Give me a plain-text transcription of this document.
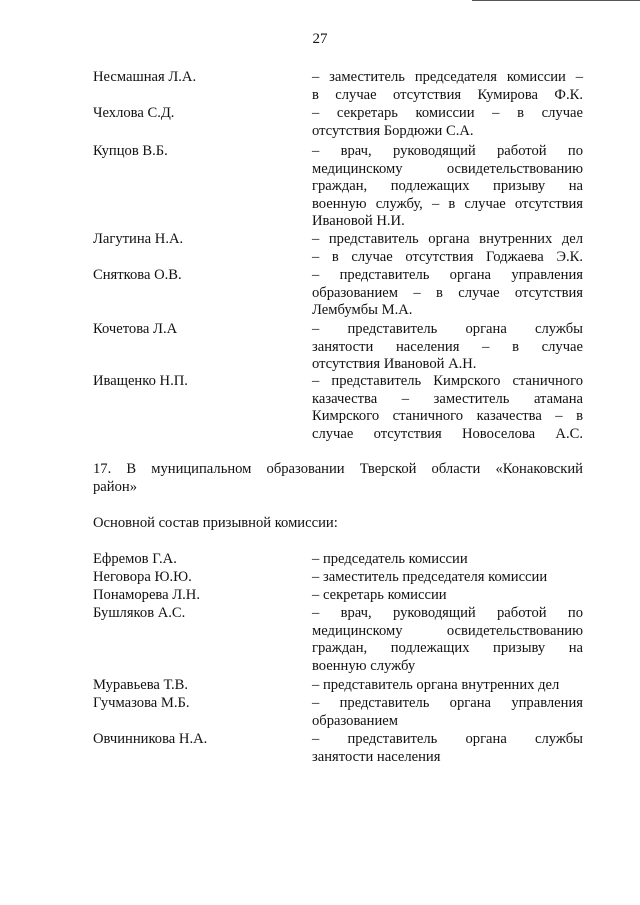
27
Несмашная Л.А.	– заместитель председателя комиссии –
в случае отсутствия Кумирова Ф.К.
Чехлова С.Д.	– секретарь комиссии – в случае
отсутствия Бордюжи С.А.
Купцов В.Б.	– врач, руководящий работой по
медицинскому освидетельствованию
граждан, подлежащих призыву на
военную службу, – в случае отсутствия
Ивановой Н.И.
Лагутина Н.А.	– представитель органа внутренних дел
– в случае отсутствия Годжаева Э.К.
Сняткова О.В.	– представитель органа управления
образованием – в случае отсутствия
Лембумбы М.А.
Кочетова Л.А	– представитель органа службы
занятости населения – в случае
отсутствия Ивановой А.Н.
Иващенко Н.П.	– представитель Кимрского станичного
казачества – заместитель атамана
Кимрского станичного казачества – в
случае отсутствия Новоселова А.С.
17. В муниципальном образовании Тверской области «Конаковский
район»
Основной состав призывной комиссии:
Ефремов Г.А.	– председатель комиссии
Неговора Ю.Ю.	– заместитель председателя комиссии
Понаморева Л.Н.	– секретарь комиссии
Бушляков А.С.	– врач, руководящий работой по
медицинскому освидетельствованию
граждан, подлежащих призыву на
военную службу
Муравьева Т.В.	– представитель органа внутренних дел
Гучмазова М.Б.	– представитель органа управления
образованием
Овчинникова Н.А.	– представитель органа службы
занятости населения
